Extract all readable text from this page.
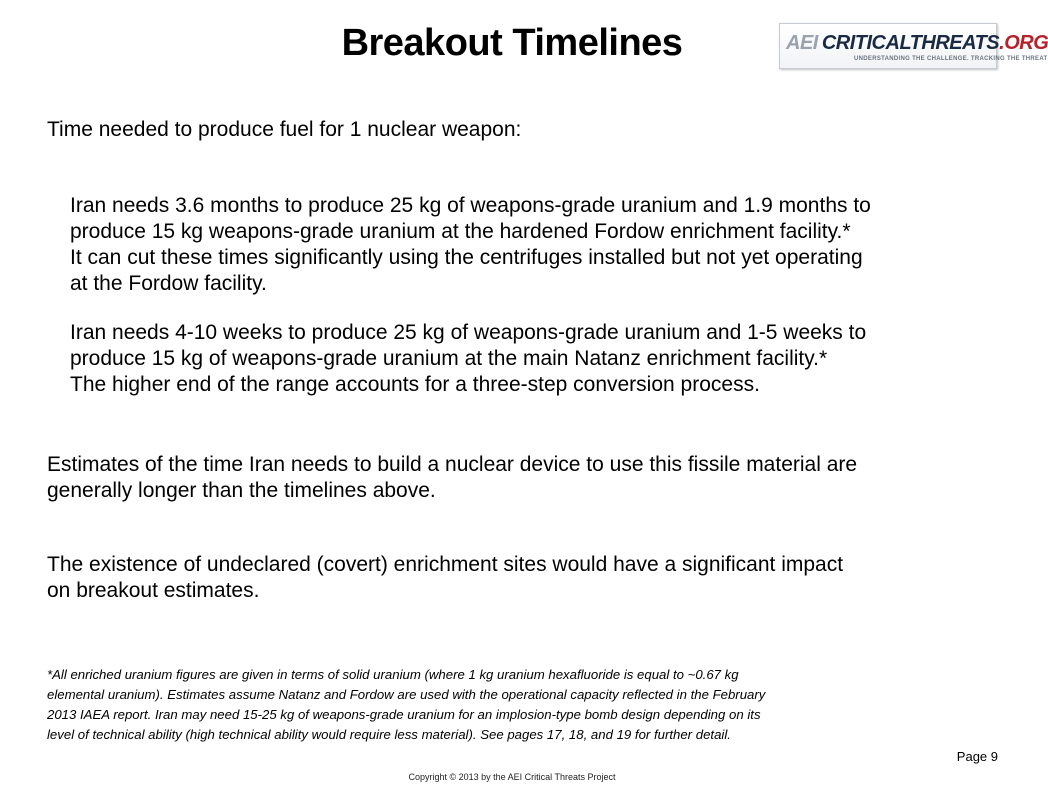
Breakout Timelines	AEI CRITICALTHREATS.ORG
UNDERSTANDING THE CHALLENGE. TRACKING THE THREAT
Time needed to produce fuel for 1 nuclear weapon:
Iran needs 3.6 months to produce 25 kg of weapons-grade uranium and 1.9 months to
produce 15 kg weapons-grade uranium at the hardened Fordow enrichment facility.*
It can cut these times significantly using the centrifuges installed but not yet operating
at the Fordow facility.
Iran needs 4-10 weeks to produce 25 kg of weapons-grade uranium and 1-5 weeks to
produce 15 kg of weapons-grade uranium at the main Natanz enrichment facility.*
The higher end of the range accounts for a three-step conversion process.
Estimates of the time Iran needs to build a nuclear device to use this fissile material are
generally longer than the timelines above.
The existence of undeclared (covert) enrichment sites would have a significant impact
on breakout estimates.
*All enriched uranium figures are given in terms of solid uranium (where 1 kg uranium hexafluoride is equal to ~0.67 kg
elemental uranium). Estimates assume Natanz and Fordow are used with the operational capacity reflected in the February
2013 IAEA report. Iran may need 15-25 kg of weapons-grade uranium for an implosion-type bomb design depending on its
level of technical ability (high technical ability would require less material). See pages 17, 18, and 19 for further detail.
Page 9
Copyright © 2013 by the AEI Critical Threats Project
